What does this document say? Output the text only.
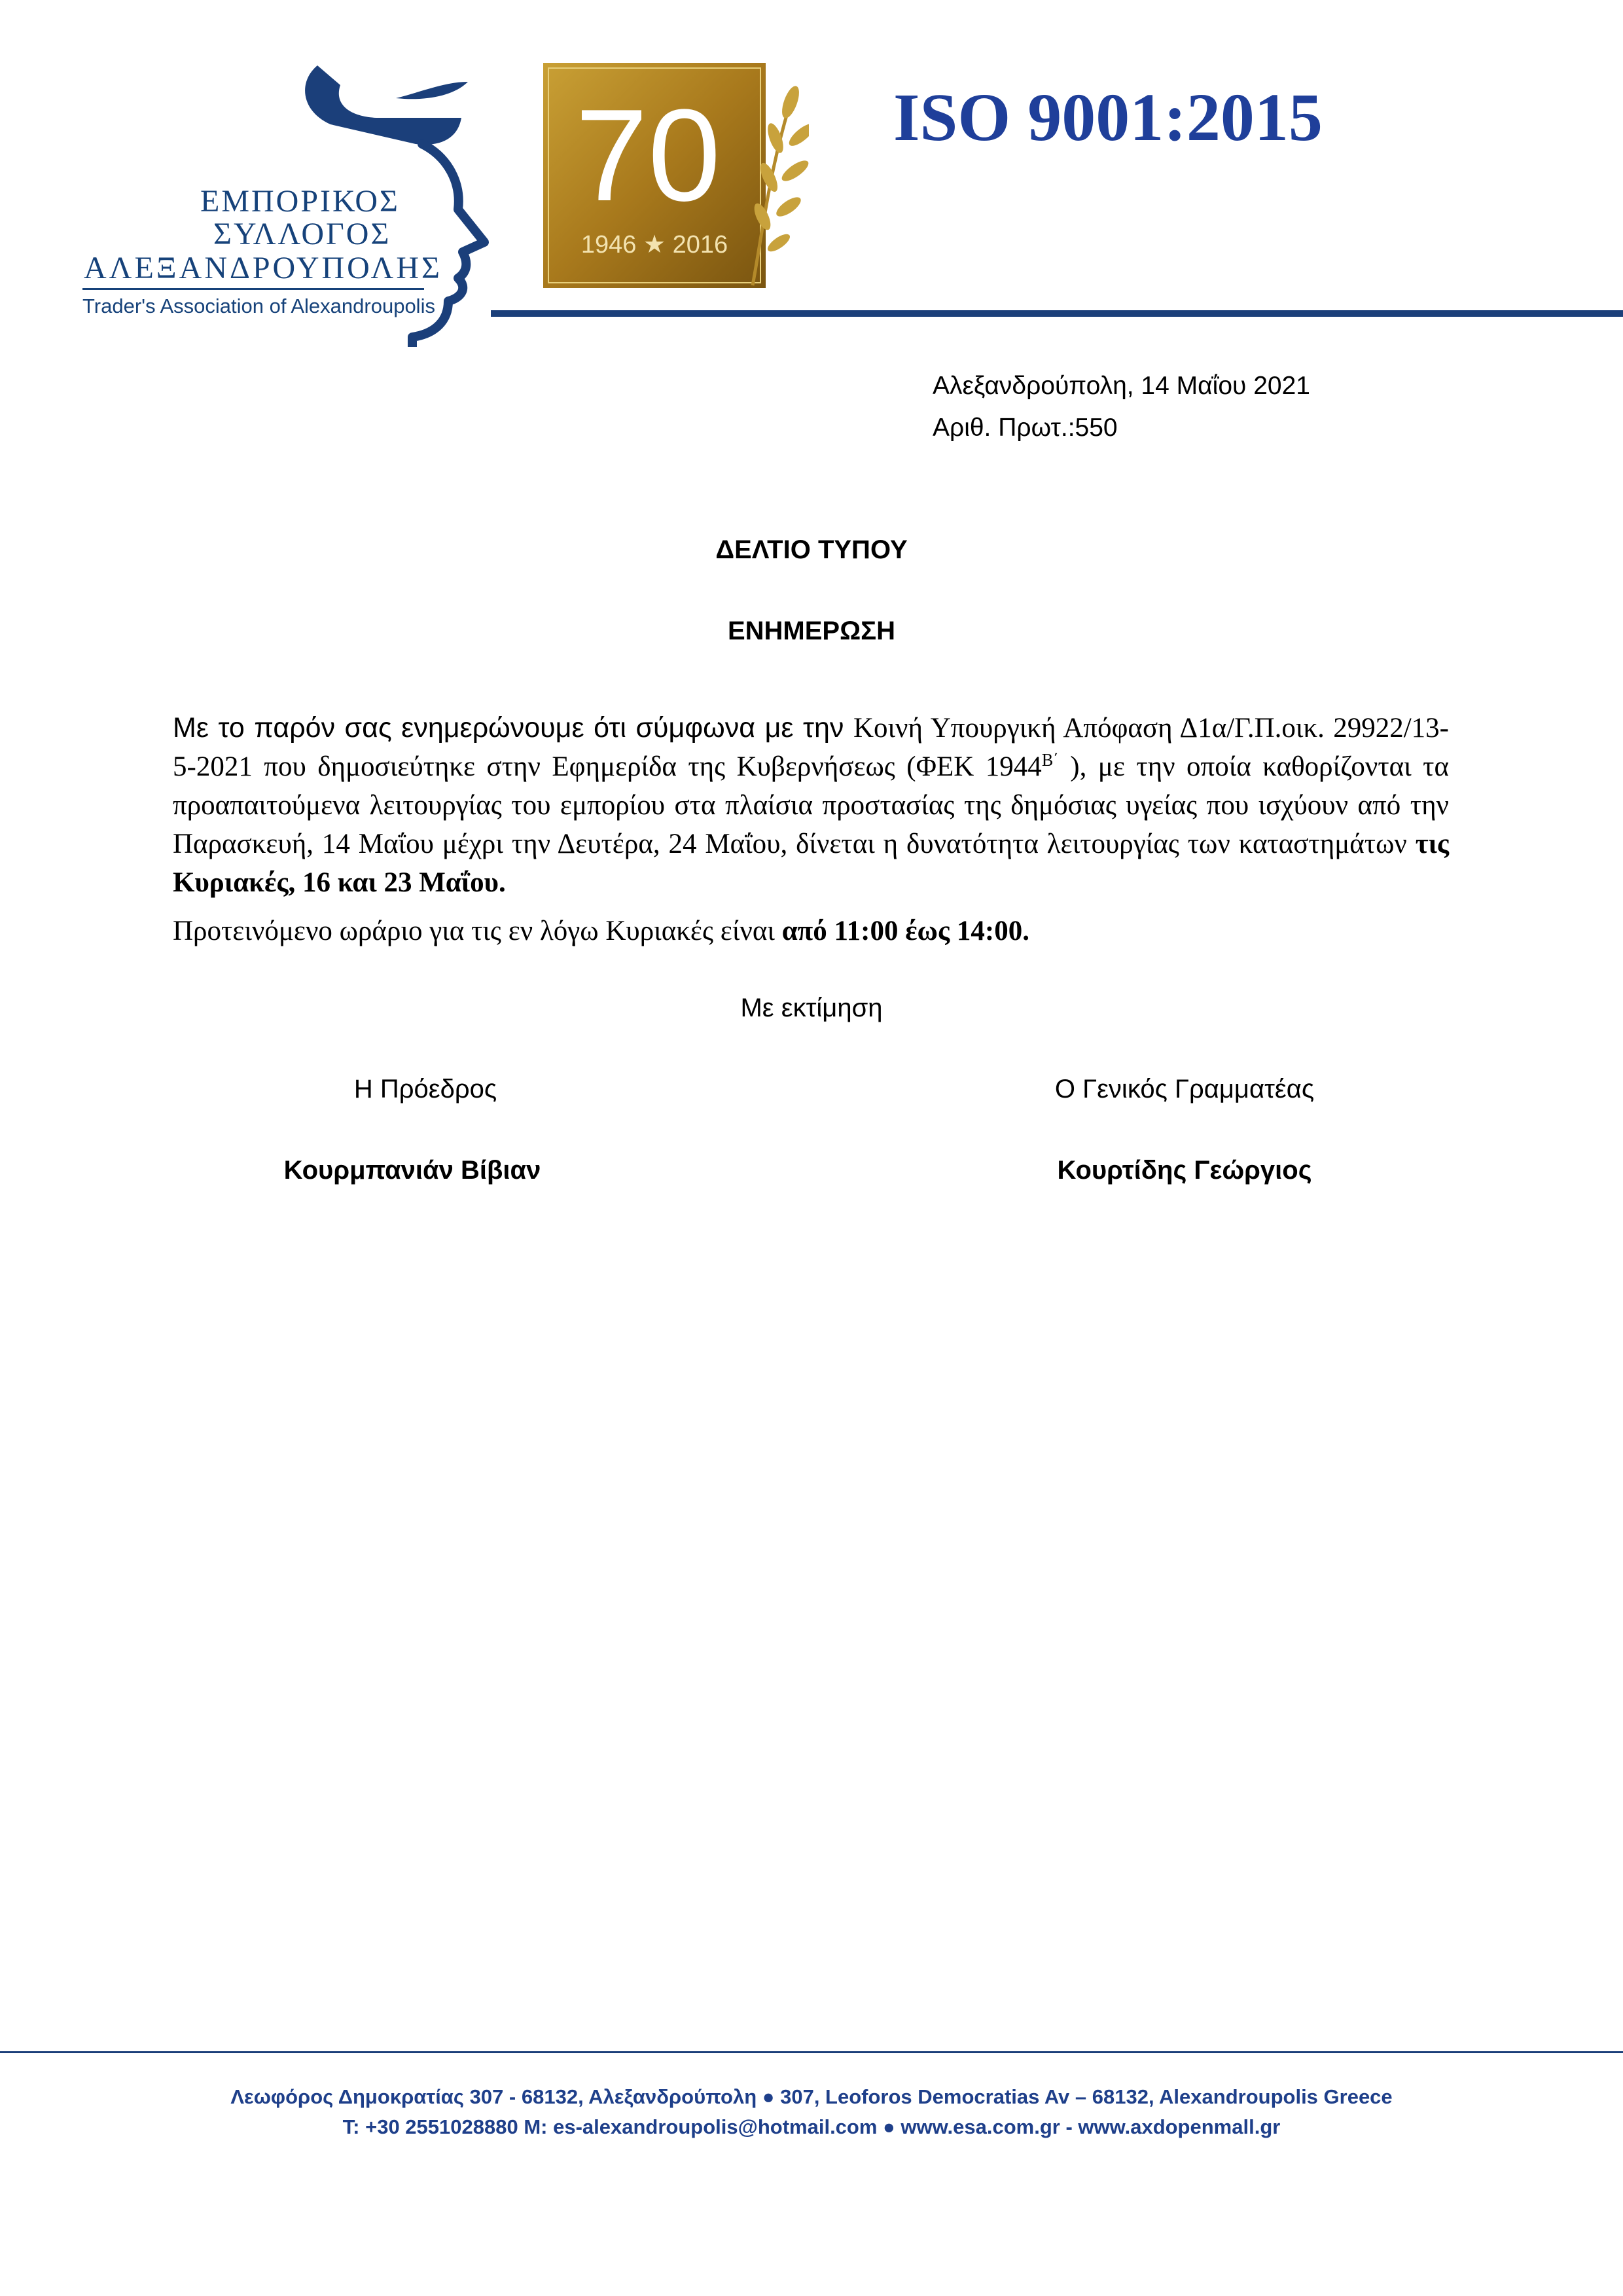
ΕΜΠΟΡΙΚΟΣ
ΣΥΛΛΟΓΟΣ
ΑΛΕΞΑΝΔΡΟΥΠΟΛΗΣ
Trader's Association of Alexandroupolis
70
1946 ★ 2016
ISO 9001:2015
Αλεξανδρούπολη, 14 Μαΐου 2021
Αριθ. Πρωτ.:550
ΔΕΛΤΙΟ ΤΥΠΟΥ
ΕΝΗΜΕΡΩΣΗ
Με το παρόν σας ενημερώνουμε ότι σύμφωνα με την Κοινή Υπουργική Απόφαση Δ1α/Γ.Π.οικ. 29922/13-5-2021 που δημοσιεύτηκε στην Εφημερίδα της Κυβερνήσεως (ΦΕΚ $1944^{B΄}$ ), με την οποία καθορίζονται τα προαπαιτούμενα λειτουργίας του εμπορίου στα πλαίσια προστασίας της δημόσιας υγείας που ισχύουν από την Παρασκευή, 14 Μαΐου μέχρι την Δευτέρα, 24 Μαΐου, δίνεται η δυνατότητα λειτουργίας των καταστημάτων τις Κυριακές, 16 και 23 Μαΐου.
Προτεινόμενο ωράριο για τις εν λόγω Κυριακές είναι από 11:00 έως 14:00.
Με εκτίμηση
Η Πρόεδρος	Ο Γενικός Γραμματέας
Κουρμπανιάν Βίβιαν	Κουρτίδης Γεώργιος
Λεωφόρος Δημοκρατίας 307 - 68132, Αλεξανδρούπολη ● 307, Leoforos Democratias Av – 68132, Alexandroupolis Greece
T: +30 2551028880 M: es-alexandroupolis@hotmail.com ● www.esa.com.gr - www.axdopenmall.gr
